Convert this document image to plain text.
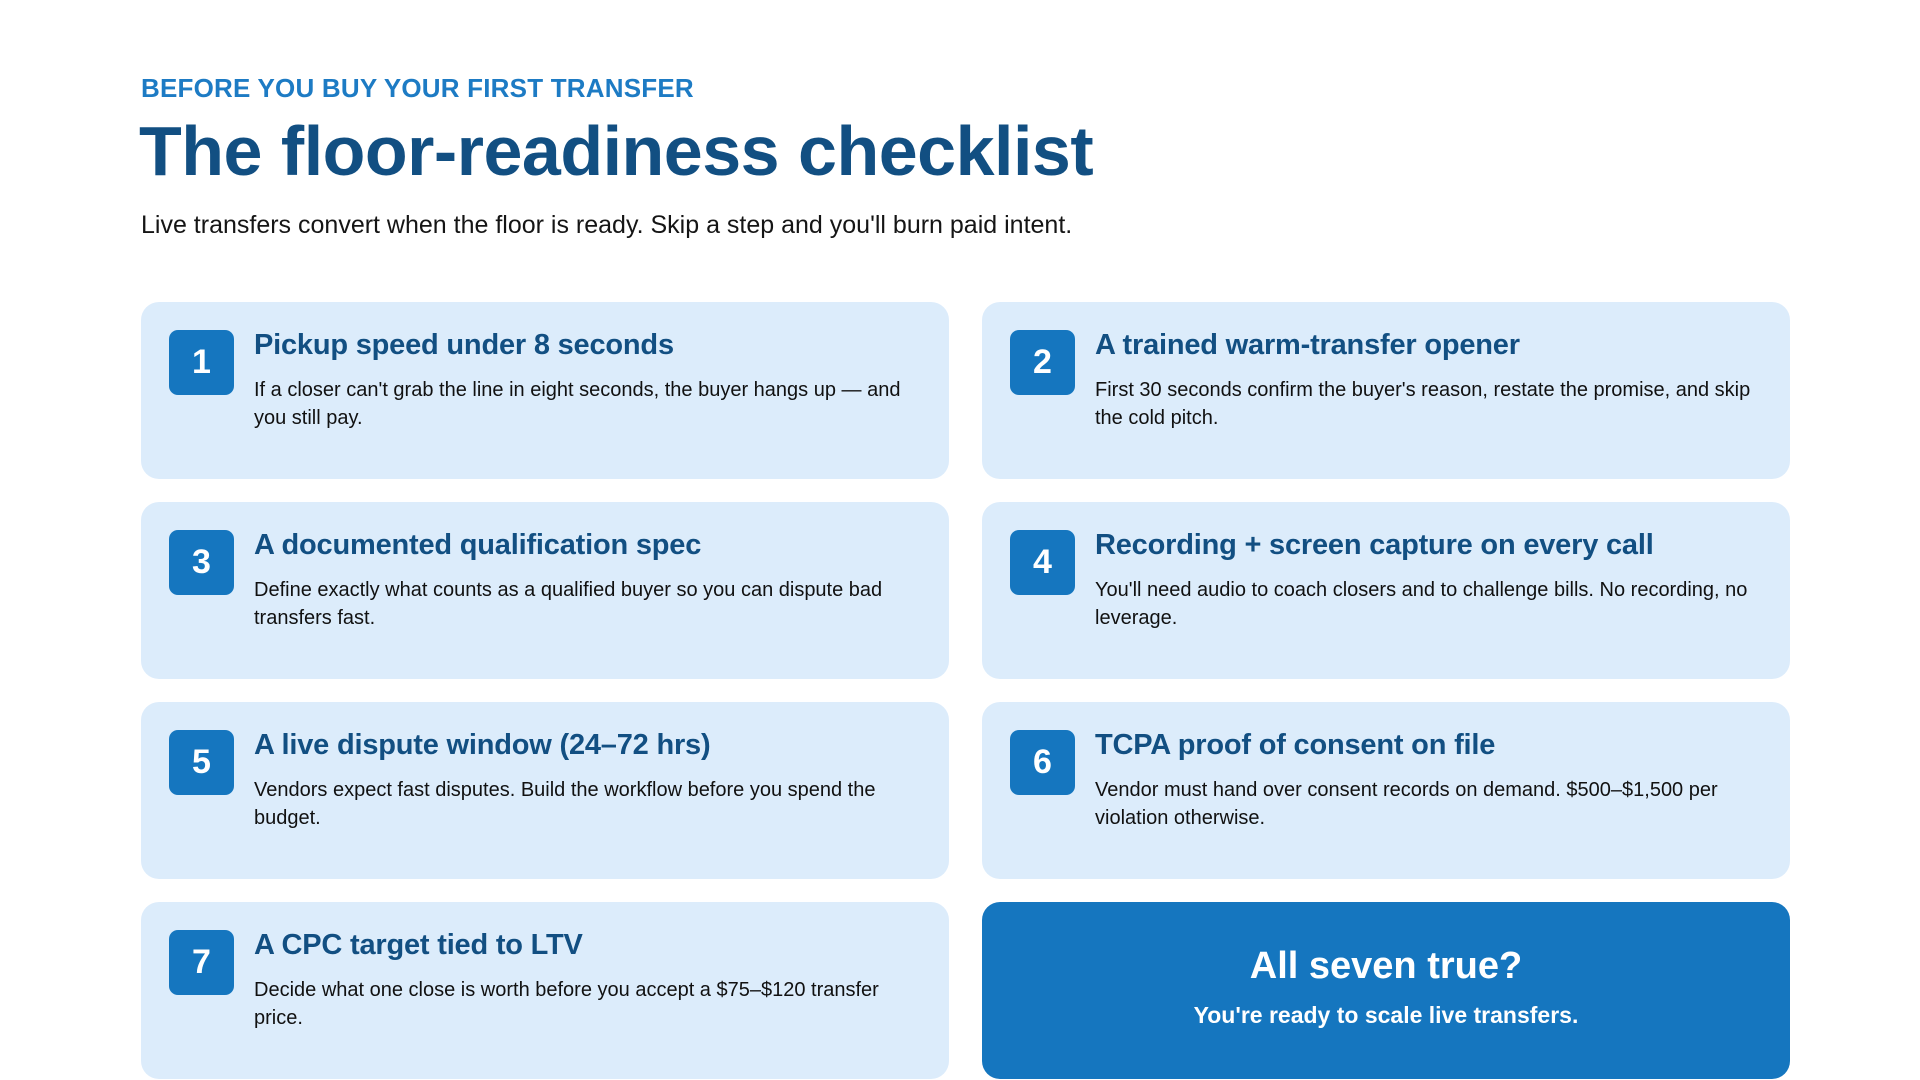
BEFORE YOU BUY YOUR FIRST TRANSFER
The floor-readiness checklist
Live transfers convert when the floor is ready. Skip a step and you'll burn paid intent.
1	Pickup speed under 8 seconds
If a closer can't grab the line in eight seconds, the buyer hangs up — and you still pay.
2	A trained warm-transfer opener
First 30 seconds confirm the buyer's reason, restate the promise, and skip the cold pitch.
3	A documented qualification spec
Define exactly what counts as a qualified buyer so you can dispute bad transfers fast.
4	Recording + screen capture on every call
You'll need audio to coach closers and to challenge bills. No recording, no leverage.
5	A live dispute window (24–72 hrs)
Vendors expect fast disputes. Build the workflow before you spend the budget.
6	TCPA proof of consent on file
Vendor must hand over consent records on demand. $500–$1,500 per violation otherwise.
7	A CPC target tied to LTV
Decide what one close is worth before you accept a $75–$120 transfer price.
All seven true?
You're ready to scale live transfers.
